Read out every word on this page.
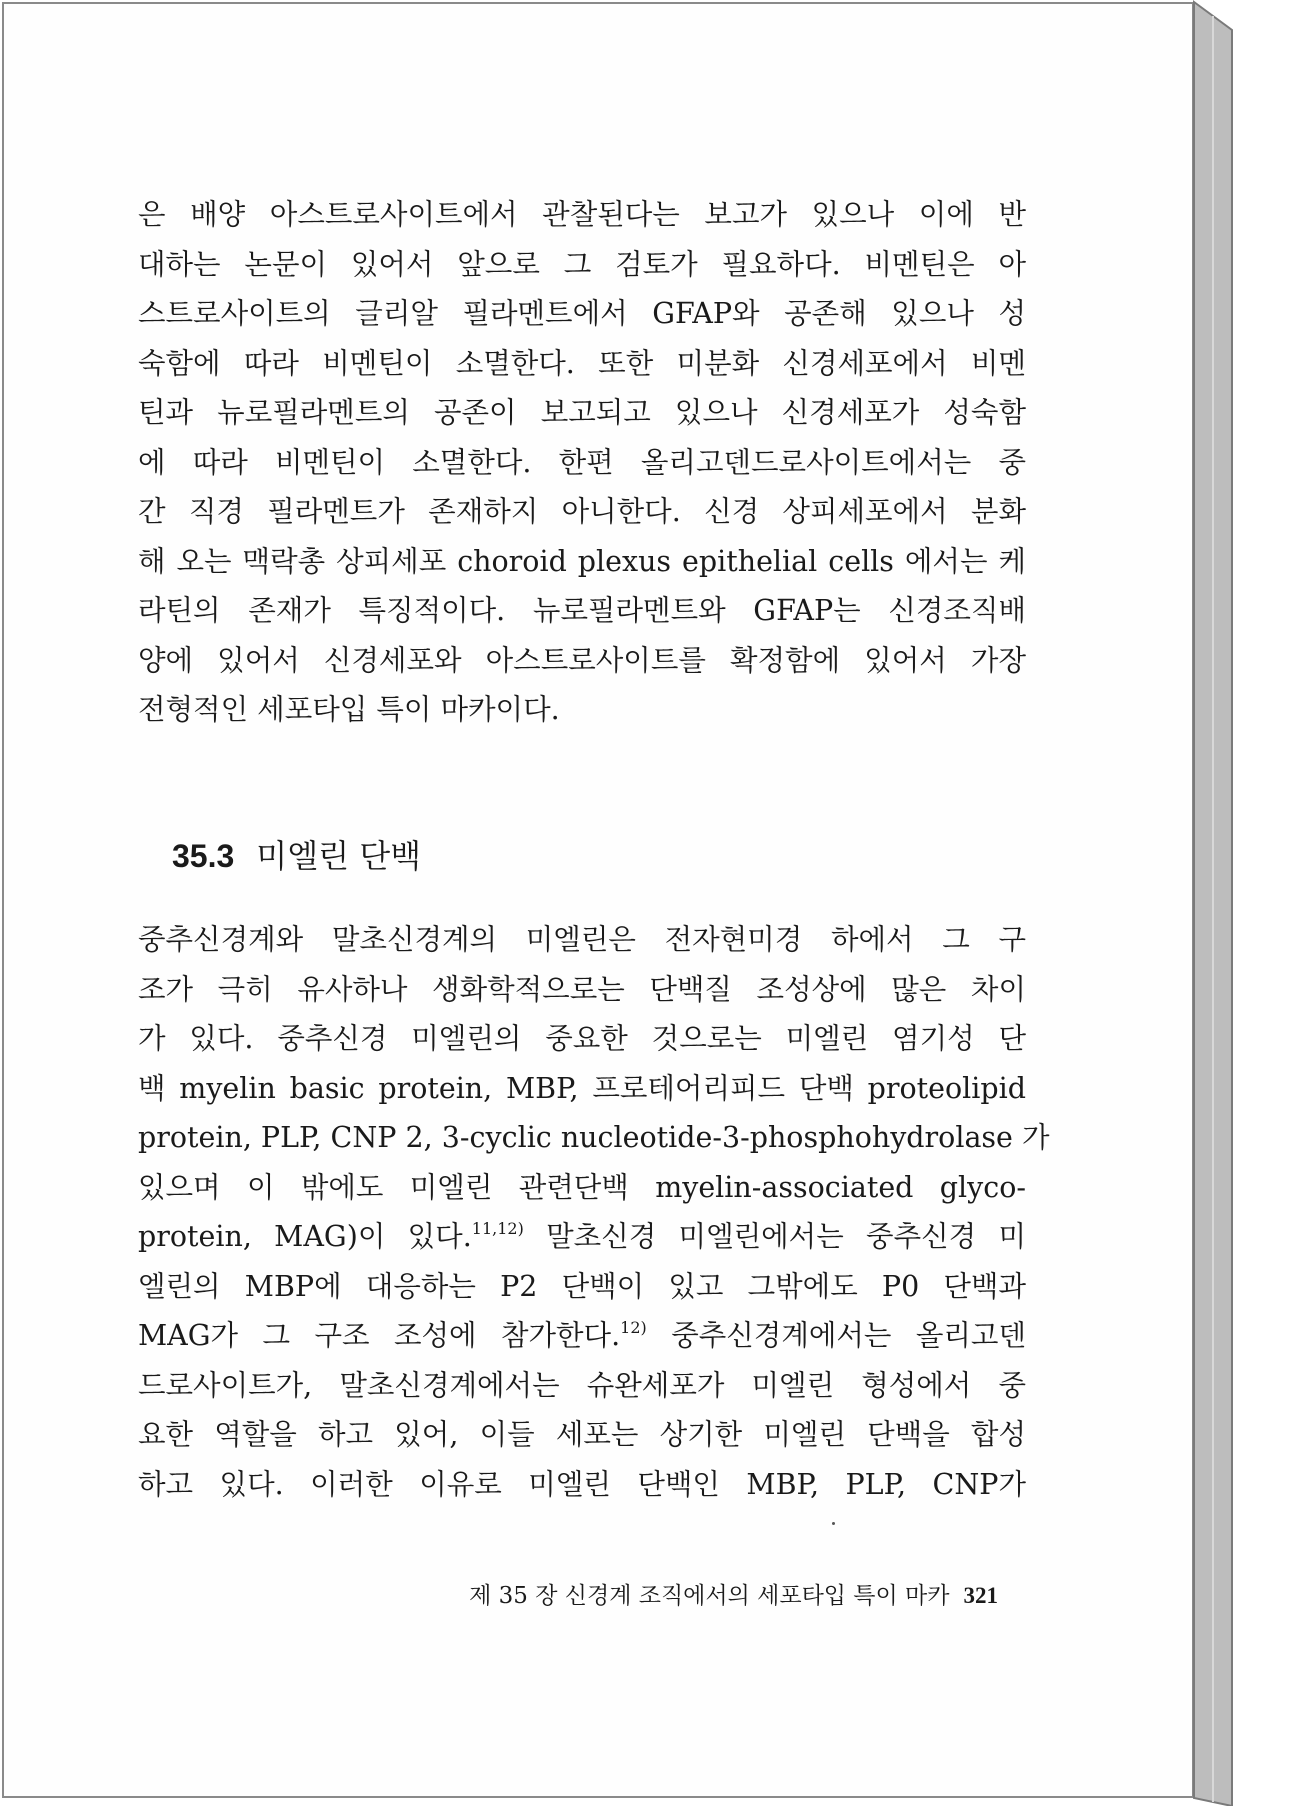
은 배양 아스트로사이트에서 관찰된다는 보고가 있으나 이에 반
대하는 논문이 있어서 앞으로 그 검토가 필요하다. 비멘틴은 아
스트로사이트의 글리알 필라멘트에서 GFAP와 공존해 있으나 성
숙함에 따라 비멘틴이 소멸한다. 또한 미분화 신경세포에서 비멘
틴과 뉴로필라멘트의 공존이 보고되고 있으나 신경세포가 성숙함
에 따라 비멘틴이 소멸한다. 한편 올리고덴드로사이트에서는 중
간 직경 필라멘트가 존재하지 아니한다. 신경 상피세포에서 분화
해 오는 맥락총 상피세포 choroid plexus epithelial cells 에서는 케
라틴의 존재가 특징적이다. 뉴로필라멘트와 GFAP는 신경조직배
양에 있어서 신경세포와 아스트로사이트를 확정함에 있어서 가장
전형적인 세포타입 특이 마카이다.
35.3 미엘린 단백
중추신경계와 말초신경계의 미엘린은 전자현미경 하에서 그 구
조가 극히 유사하나 생화학적으로는 단백질 조성상에 많은 차이
가 있다. 중추신경 미엘린의 중요한 것으로는 미엘린 염기성 단
백 myelin basic protein, MBP, 프로테어리피드 단백 proteolipid
protein, PLP, CNP 2, 3-cyclic nucleotide-3-phosphohydrolase 가
있으며 이 밖에도 미엘린 관련단백 myelin-associated glyco-
protein, MAG)이 있다.$^{11,12)}$ 말초신경 미엘린에서는 중추신경 미
엘린의 MBP에 대응하는 P2 단백이 있고 그밖에도 P0 단백과
MAG가 그 구조 조성에 참가한다.$^{12)}$ 중추신경계에서는 올리고덴
드로사이트가, 말초신경계에서는 슈완세포가 미엘린 형성에서 중
요한 역할을 하고 있어, 이들 세포는 상기한 미엘린 단백을 합성
하고 있다. 이러한 이유로 미엘린 단백인 MBP, PLP, CNP가
제 35 장 신경계 조직에서의 세포타입 특이 마카 321
